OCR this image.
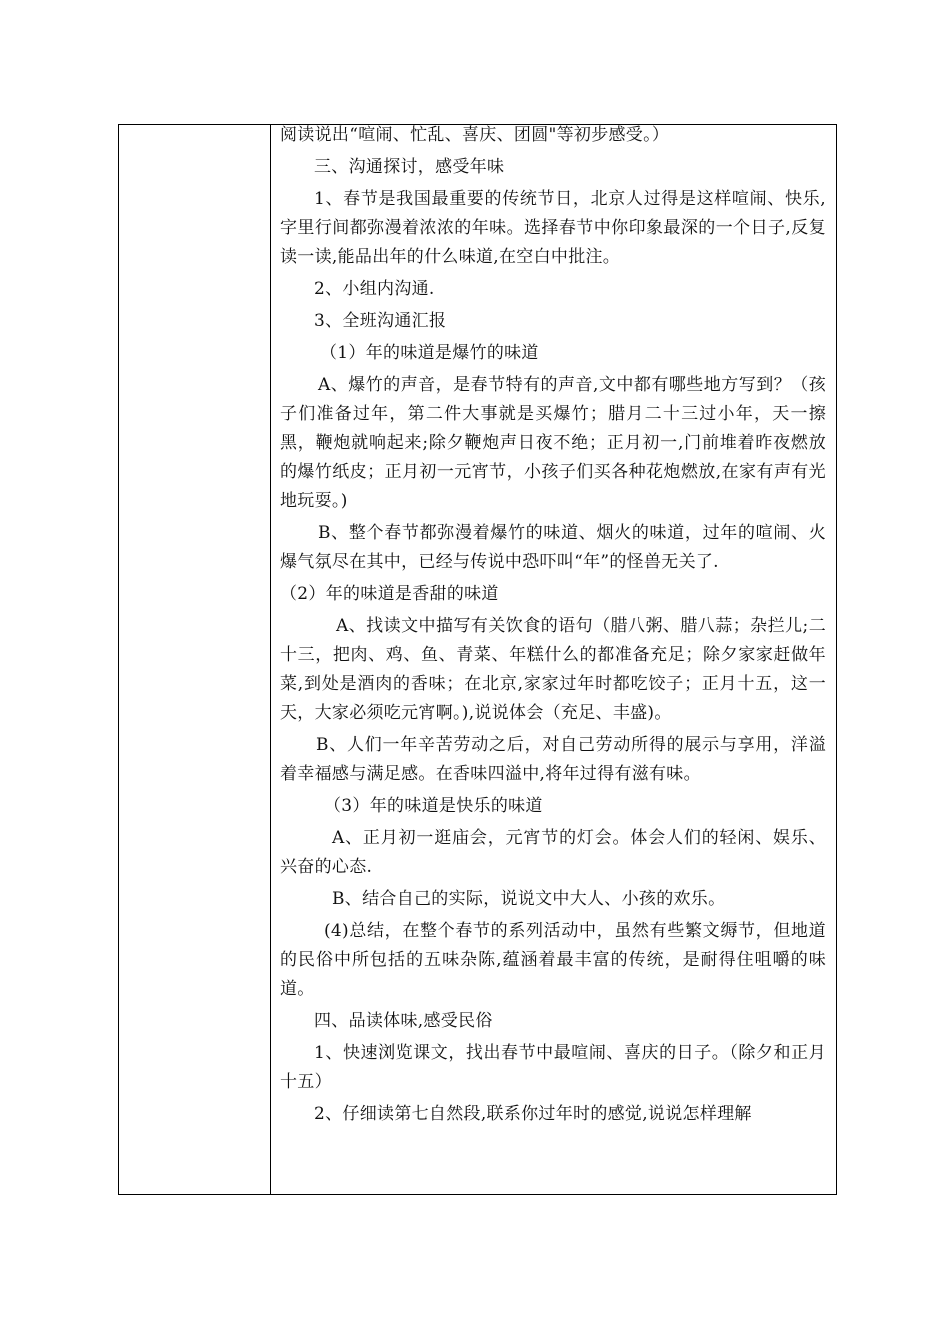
阅读说出“喧闹、忙乱、喜庆、团圆"等初步感受。）

三、沟通探讨，感受年味

1、春节是我国最重要的传统节日，北京人过得是这样喧闹、快乐,字里行间都弥漫着浓浓的年味。选择春节中你印象最深的一个日子,反复读一读,能品出年的什么味道,在空白中批注。

2、小组内沟通.

3、全班沟通汇报

（1）年的味道是爆竹的味道

A、爆竹的声音，是春节特有的声音,文中都有哪些地方写到？（孩子们准备过年，第二件大事就是买爆竹；腊月二十三过小年，天一擦黑，鞭炮就响起来;除夕鞭炮声日夜不绝；正月初一,门前堆着昨夜燃放的爆竹纸皮；正月初一元宵节，小孩子们买各种花炮燃放,在家有声有光地玩耍。)

B、整个春节都弥漫着爆竹的味道、烟火的味道，过年的喧闹、火爆气氛尽在其中，已经与传说中恐吓叫“年”的怪兽无关了.

（2）年的味道是香甜的味道

A、找读文中描写有关饮食的语句（腊八粥、腊八蒜；杂拦儿;二十三，把肉、鸡、鱼、青菜、年糕什么的都准备充足；除夕家家赶做年菜,到处是酒肉的香味；在北京,家家过年时都吃饺子；正月十五，这一天，大家必须吃元宵啊。),说说体会（充足、丰盛)。

B、人们一年辛苦劳动之后，对自己劳动所得的展示与享用，洋溢着幸福感与满足感。在香味四溢中,将年过得有滋有味。

（3）年的味道是快乐的味道

A、正月初一逛庙会，元宵节的灯会。体会人们的轻闲、娱乐、兴奋的心态.

B、结合自己的实际，说说文中大人、小孩的欢乐。

(4)总结，在整个春节的系列活动中，虽然有些繁文缛节，但地道的民俗中所包括的五味杂陈,蕴涵着最丰富的传统，是耐得住咀嚼的味道。

四、品读体味,感受民俗

1、快速浏览课文，找出春节中最喧闹、喜庆的日子。（除夕和正月十五）

2、仔细读第七自然段,联系你过年时的感觉,说说怎样理解
